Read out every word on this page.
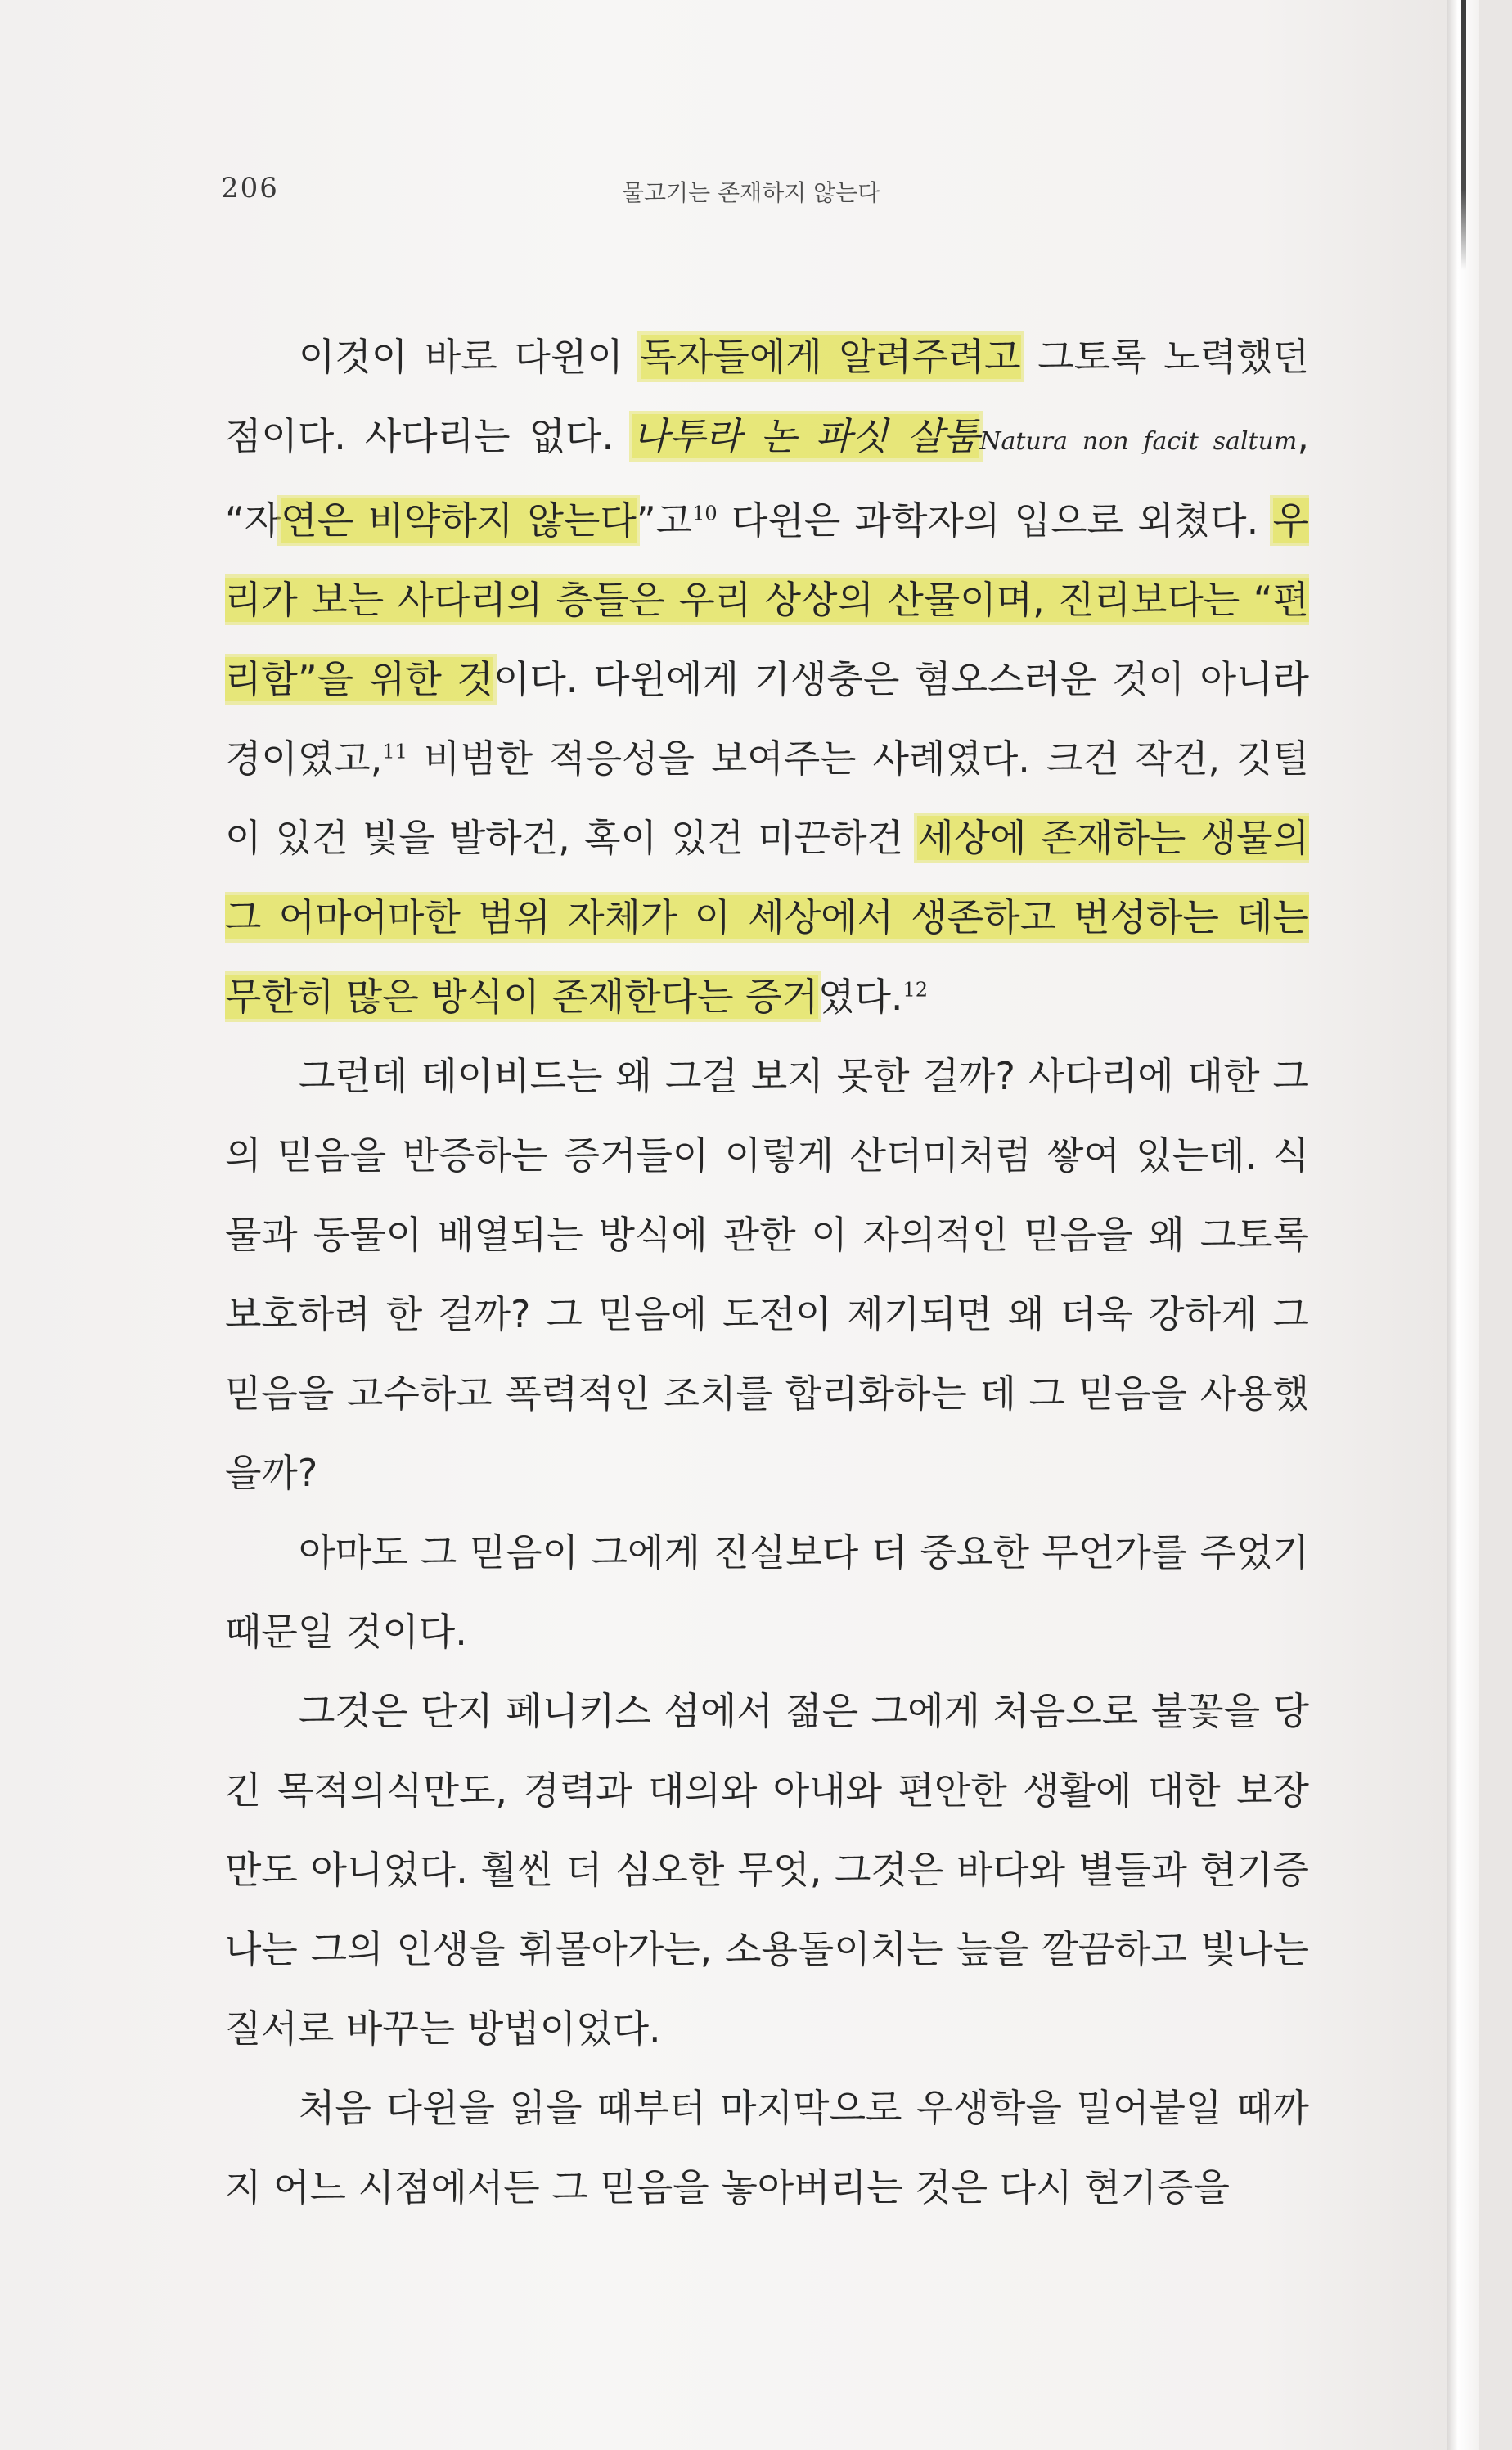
206	물고기는 존재하지 않는다

이것이 바로 다윈이 독자들에게 알려주려고 그토록 노력했던 점이다. 사다리는 없다. 나투라 논 파싯 살툼Natura non facit saltum, “자연은 비약하지 않는다”고$^{10}$ 다윈은 과학자의 입으로 외쳤다. 우리가 보는 사다리의 층들은 우리 상상의 산물이며, 진리보다는 “편리함”을 위한 것이다. 다윈에게 기생충은 혐오스러운 것이 아니라 경이였고,$^{11}$ 비범한 적응성을 보여주는 사례였다. 크건 작건, 깃털이 있건 빛을 발하건, 혹이 있건 미끈하건 세상에 존재하는 생물의 그 어마어마한 범위 자체가 이 세상에서 생존하고 번성하는 데는 무한히 많은 방식이 존재한다는 증거였다.$^{12}$

그런데 데이비드는 왜 그걸 보지 못한 걸까? 사다리에 대한 그의 믿음을 반증하는 증거들이 이렇게 산더미처럼 쌓여 있는데. 식물과 동물이 배열되는 방식에 관한 이 자의적인 믿음을 왜 그토록 보호하려 한 걸까? 그 믿음에 도전이 제기되면 왜 더욱 강하게 그 믿음을 고수하고 폭력적인 조치를 합리화하는 데 그 믿음을 사용했을까?

아마도 그 믿음이 그에게 진실보다 더 중요한 무언가를 주었기 때문일 것이다.

그것은 단지 페니키스 섬에서 젊은 그에게 처음으로 불꽃을 당긴 목적의식만도, 경력과 대의와 아내와 편안한 생활에 대한 보장만도 아니었다. 훨씬 더 심오한 무엇, 그것은 바다와 별들과 현기증 나는 그의 인생을 휘몰아가는, 소용돌이치는 늪을 깔끔하고 빛나는 질서로 바꾸는 방법이었다.

처음 다윈을 읽을 때부터 마지막으로 우생학을 밀어붙일 때까지 어느 시점에서든 그 믿음을 놓아버리는 것은 다시 현기증을
